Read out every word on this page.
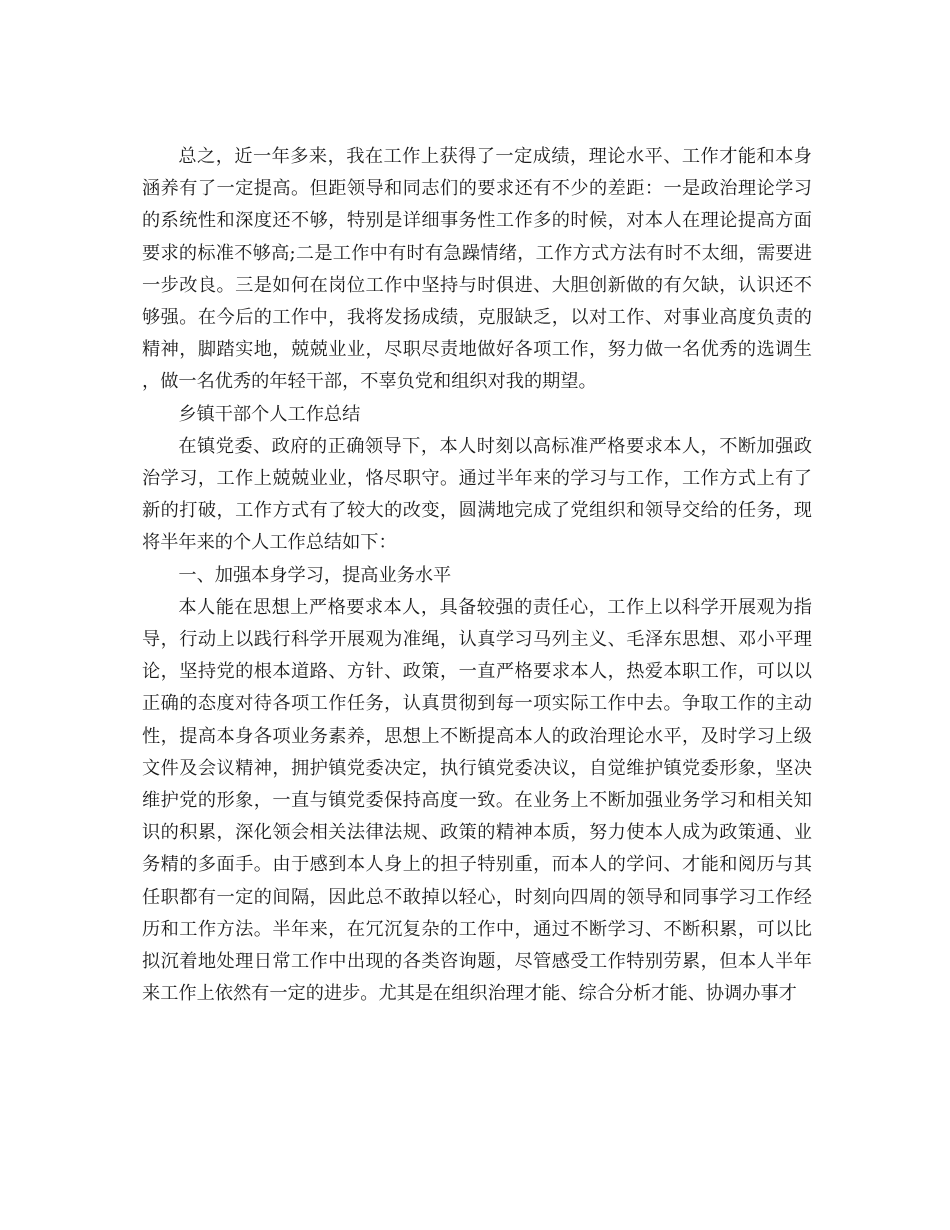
总之，近一年多来，我在工作上获得了一定成绩，理论水平、工作才能和本身涵养有了一定提高。但距领导和同志们的要求还有不少的差距：一是政治理论学习的系统性和深度还不够，特别是详细事务性工作多的时候，对本人在理论提高方面要求的标准不够高;二是工作中有时有急躁情绪，工作方式方法有时不太细，需要进一步改良。三是如何在岗位工作中坚持与时俱进、大胆创新做的有欠缺，认识还不够强。在今后的工作中，我将发扬成绩，克服缺乏，以对工作、对事业高度负责的精神，脚踏实地，兢兢业业，尽职尽责地做好各项工作，努力做一名优秀的选调生，做一名优秀的年轻干部，不辜负党和组织对我的期望。

乡镇干部个人工作总结

在镇党委、政府的正确领导下，本人时刻以高标准严格要求本人，不断加强政治学习，工作上兢兢业业，恪尽职守。通过半年来的学习与工作，工作方式上有了新的打破，工作方式有了较大的改变，圆满地完成了党组织和领导交给的任务，现将半年来的个人工作总结如下：

一、加强本身学习，提高业务水平

本人能在思想上严格要求本人，具备较强的责任心，工作上以科学开展观为指导，行动上以践行科学开展观为准绳，认真学习马列主义、毛泽东思想、邓小平理论，坚持党的根本道路、方针、政策，一直严格要求本人，热爱本职工作，可以以正确的态度对待各项工作任务，认真贯彻到每一项实际工作中去。争取工作的主动性，提高本身各项业务素养，思想上不断提高本人的政治理论水平，及时学习上级文件及会议精神，拥护镇党委决定，执行镇党委决议，自觉维护镇党委形象，坚决维护党的形象，一直与镇党委保持高度一致。在业务上不断加强业务学习和相关知识的积累，深化领会相关法律法规、政策的精神本质，努力使本人成为政策通、业务精的多面手。由于感到本人身上的担子特别重，而本人的学问、才能和阅历与其任职都有一定的间隔，因此总不敢掉以轻心，时刻向四周的领导和同事学习工作经历和工作方法。半年来，在冗沉复杂的工作中，通过不断学习、不断积累，可以比拟沉着地处理日常工作中出现的各类咨询题，尽管感受工作特别劳累，但本人半年来工作上依然有一定的进步。尤其是在组织治理才能、综合分析才能、协调办事才
